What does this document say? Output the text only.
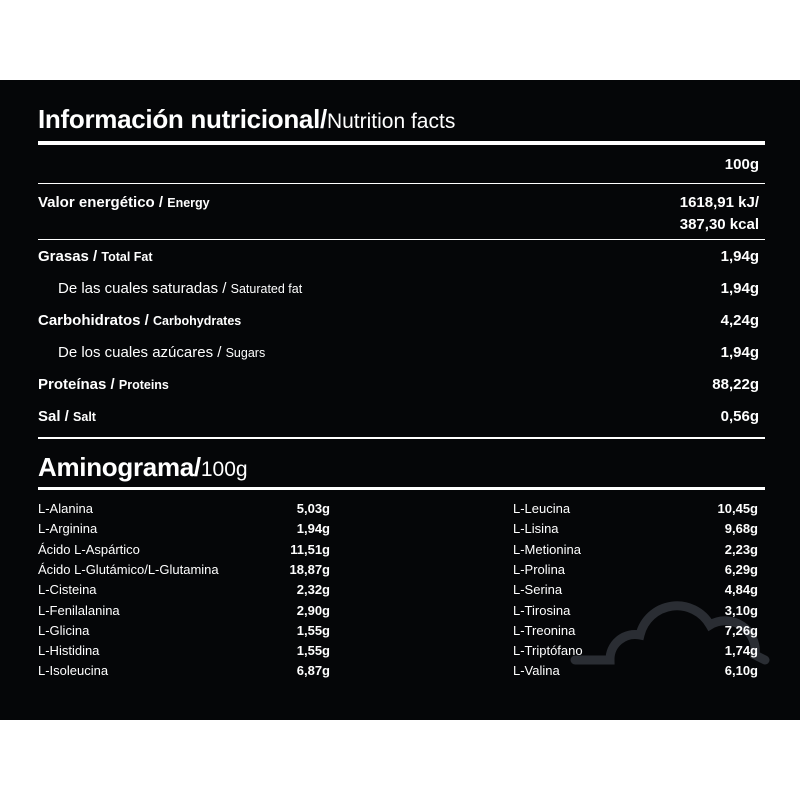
Información nutricional/Nutrition facts
100g
Valor energético / Energy	1618,91 kJ/
387,30 kcal
Grasas / Total Fat	1,94g
De las cuales saturadas / Saturated fat	1,94g
Carbohidratos / Carbohydrates	4,24g
De los cuales azúcares / Sugars	1,94g
Proteínas / Proteins	88,22g
Sal / Salt	0,56g
Aminograma/100g
L-Alanina	5,03g
L-Arginina	1,94g
Ácido L-Aspártico	11,51g
Ácido L-Glutámico/L-Glutamina	18,87g
L-Cisteina	2,32g
L-Fenilalanina	2,90g
L-Glicina	1,55g
L-Histidina	1,55g
L-Isoleucina	6,87g
L-Leucina	10,45g
L-Lisina	9,68g
L-Metionina	2,23g
L-Prolina	6,29g
L-Serina	4,84g
L-Tirosina	3,10g
L-Treonina	7,26g
L-Triptófano	1,74g
L-Valina	6,10g
